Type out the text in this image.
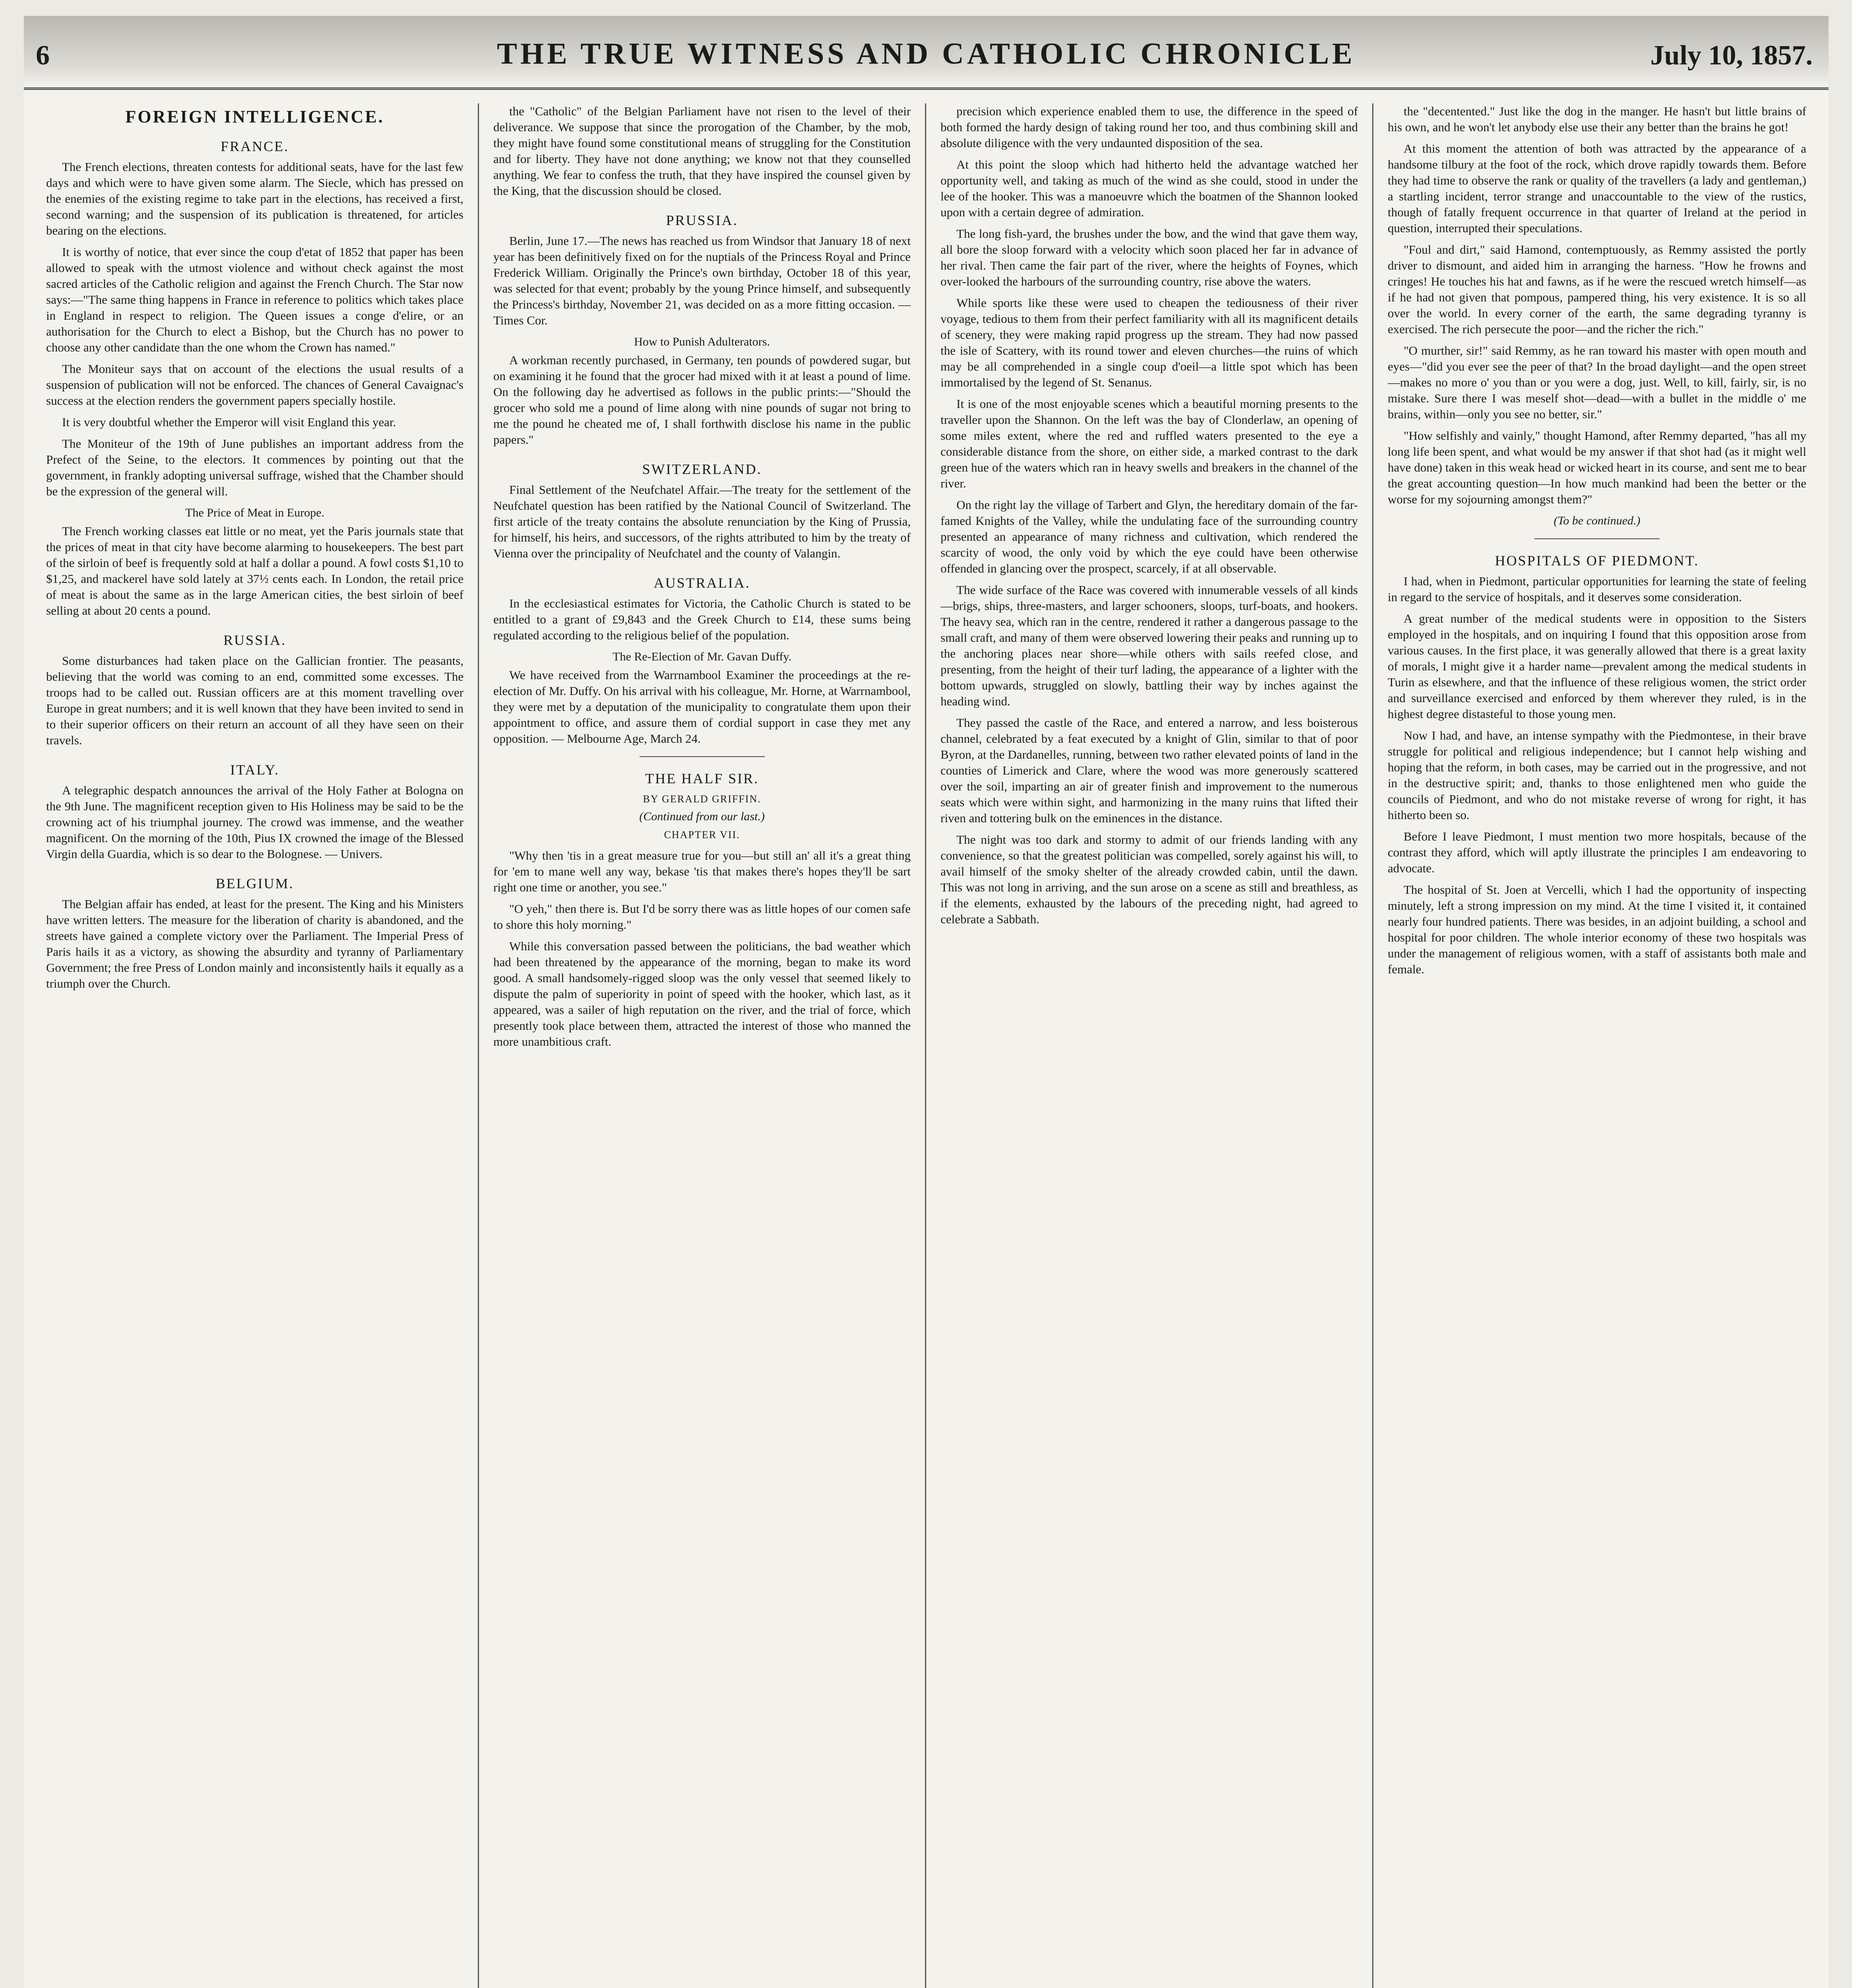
6	THE TRUE WITNESS AND CATHOLIC CHRONICLE	July 10, 1857.
FOREIGN INTELLIGENCE.
FRANCE.

The French elections, threaten contests for additional seats, have for the last few days and which were to have given some alarm. The Siecle, which has pressed on the enemies of the existing regime to take part in the elections, has received a first, second warning; and the suspension of its publication is threatened, for articles bearing on the elections.

It is worthy of notice, that ever since the coup d'etat of 1852 that paper has been allowed to speak with the utmost violence and without check against the most sacred articles of the Catholic religion and against the French Church. The Star now says:—"The same thing happens in France in reference to politics which takes place in England in respect to religion. The Queen issues a conge d'elire, or an authorisation for the Church to elect a Bishop, but the Church has no power to choose any other candidate than the one whom the Crown has named."

The Moniteur says that on account of the elections the usual results of a suspension of publication will not be enforced. The chances of General Cavaignac's success at the election renders the government papers specially hostile.

It is very doubtful whether the Emperor will visit England this year.

The Moniteur of the 19th of June publishes an important address from the Prefect of the Seine, to the electors. It commences by pointing out that the government, in frankly adopting universal suffrage, wished that the Chamber should be the expression of the general will.

The Price of Meat in Europe.

The French working classes eat little or no meat, yet the Paris journals state that the prices of meat in that city have become alarming to housekeepers. The best part of the sirloin of beef is frequently sold at half a dollar a pound. A fowl costs $1,10 to $1,25, and mackerel have sold lately at 37½ cents each. In London, the retail price of meat is about the same as in the large American cities, the best sirloin of beef selling at about 20 cents a pound.

RUSSIA.

Some disturbances had taken place on the Gallician frontier. The peasants, believing that the world was coming to an end, committed some excesses. The troops had to be called out. Russian officers are at this moment travelling over Europe in great numbers; and it is well known that they have been invited to send in to their superior officers on their return an account of all they have seen on their travels.

ITALY.

A telegraphic despatch announces the arrival of the Holy Father at Bologna on the 9th June. The magnificent reception given to His Holiness may be said to be the crowning act of his triumphal journey. The crowd was immense, and the weather magnificent. On the morning of the 10th, Pius IX crowned the image of the Blessed Virgin della Guardia, which is so dear to the Bolognese. — Univers.

BELGIUM.

The Belgian affair has ended, at least for the present. The King and his Ministers have written letters. The measure for the liberation of charity is abandoned, and the streets have gained a complete victory over the Parliament. The Imperial Press of Paris hails it as a victory, as showing the absurdity and tyranny of Parliamentary Government; the free Press of London mainly and inconsistently hails it equally as a triumph over the Church.

the "Catholic" of the Belgian Parliament have not risen to the level of their deliverance. We suppose that since the prorogation of the Chamber, by the mob, they might have found some constitutional means of struggling for the Constitution and for liberty. They have not done anything; we know not that they counselled anything. We fear to confess the truth, that they have inspired the counsel given by the King, that the discussion should be closed.

PRUSSIA.

Berlin, June 17.—The news has reached us from Windsor that January 18 of next year has been definitively fixed on for the nuptials of the Princess Royal and Prince Frederick William. Originally the Prince's own birthday, October 18 of this year, was selected for that event; probably by the young Prince himself, and subsequently the Princess's birthday, November 21, was decided on as a more fitting occasion. — Times Cor.

How to Punish Adulterators.

A workman recently purchased, in Germany, ten pounds of powdered sugar, but on examining it he found that the grocer had mixed with it at least a pound of lime. On the following day he advertised as follows in the public prints:—"Should the grocer who sold me a pound of lime along with nine pounds of sugar not bring to me the pound he cheated me of, I shall forthwith disclose his name in the public papers."

SWITZERLAND.

Final Settlement of the Neufchatel Affair.—The treaty for the settlement of the Neufchatel question has been ratified by the National Council of Switzerland. The first article of the treaty contains the absolute renunciation by the King of Prussia, for himself, his heirs, and successors, of the rights attributed to him by the treaty of Vienna over the principality of Neufchatel and the county of Valangin.

AUSTRALIA.

In the ecclesiastical estimates for Victoria, the Catholic Church is stated to be entitled to a grant of £9,843 and the Greek Church to £14, these sums being regulated according to the religious belief of the population.

The Re-Election of Mr. Gavan Duffy.

We have received from the Warrnambool Examiner the proceedings at the re-election of Mr. Duffy. On his arrival with his colleague, Mr. Horne, at Warrnambool, they were met by a deputation of the municipality to congratulate them upon their appointment to office, and assure them of cordial support in case they met any opposition. — Melbourne Age, March 24.

THE HALF SIR.
BY GERALD GRIFFIN.
(Continued from our last.)
CHAPTER VII.

"Why then 'tis in a great measure true for you—but still an' all it's a great thing for 'em to mane well any way, bekase 'tis that makes there's hopes they'll be sart right one time or another, you see."

"O yeh," then there is. But I'd be sorry there was as little hopes of our comen safe to shore this holy morning."

While this conversation passed between the politicians, the bad weather which had been threatened by the appearance of the morning, began to make its word good. A small handsomely-rigged sloop was the only vessel that seemed likely to dispute the palm of superiority in point of speed with the hooker, which last, as it appeared, was a sailer of high reputation on the river, and the trial of force, which presently took place between them, attracted the interest of those who manned the more unambitious craft.

precision which experience enabled them to use, the difference in the speed of both formed the hardy design of taking round her too, and thus combining skill and absolute diligence with the very undaunted disposition of the sea.

At this point the sloop which had hitherto held the advantage watched her opportunity well, and taking as much of the wind as she could, stood in under the lee of the hooker. This was a manoeuvre which the boatmen of the Shannon looked upon with a certain degree of admiration.

The long fish-yard, the brushes under the bow, and the wind that gave them way, all bore the sloop forward with a velocity which soon placed her far in advance of her rival. Then came the fair part of the river, where the heights of Foynes, which over-looked the harbours of the surrounding country, rise above the waters.

While sports like these were used to cheapen the tediousness of their river voyage, tedious to them from their perfect familiarity with all its magnificent details of scenery, they were making rapid progress up the stream. They had now passed the isle of Scattery, with its round tower and eleven churches—the ruins of which may be all comprehended in a single coup d'oeil—a little spot which has been immortalised by the legend of St. Senanus.

It is one of the most enjoyable scenes which a beautiful morning presents to the traveller upon the Shannon. On the left was the bay of Clonderlaw, an opening of some miles extent, where the red and ruffled waters presented to the eye a considerable distance from the shore, on either side, a marked contrast to the dark green hue of the waters which ran in heavy swells and breakers in the channel of the river.

On the right lay the village of Tarbert and Glyn, the hereditary domain of the far-famed Knights of the Valley, while the undulating face of the surrounding country presented an appearance of many richness and cultivation, which rendered the scarcity of wood, the only void by which the eye could have been otherwise offended in glancing over the prospect, scarcely, if at all observable.

The wide surface of the Race was covered with innumerable vessels of all kinds—brigs, ships, three-masters, and larger schooners, sloops, turf-boats, and hookers. The heavy sea, which ran in the centre, rendered it rather a dangerous passage to the small craft, and many of them were observed lowering their peaks and running up to the anchoring places near shore—while others with sails reefed close, and presenting, from the height of their turf lading, the appearance of a lighter with the bottom upwards, struggled on slowly, battling their way by inches against the heading wind.

They passed the castle of the Race, and entered a narrow, and less boisterous channel, celebrated by a feat executed by a knight of Glin, similar to that of poor Byron, at the Dardanelles, running, between two rather elevated points of land in the counties of Limerick and Clare, where the wood was more generously scattered over the soil, imparting an air of greater finish and improvement to the numerous seats which were within sight, and harmonizing in the many ruins that lifted their riven and tottering bulk on the eminences in the distance.

The night was too dark and stormy to admit of our friends landing with any convenience, so that the greatest politician was compelled, sorely against his will, to avail himself of the smoky shelter of the already crowded cabin, until the dawn. This was not long in arriving, and the sun arose on a scene as still and breathless, as if the elements, exhausted by the labours of the preceding night, had agreed to celebrate a Sabbath.

the "decentented." Just like the dog in the manger. He hasn't but little brains of his own, and he won't let anybody else use their any better than the brains he got!

At this moment the attention of both was attracted by the appearance of a handsome tilbury at the foot of the rock, which drove rapidly towards them. Before they had time to observe the rank or quality of the travellers (a lady and gentleman,) a startling incident, terror strange and unaccountable to the view of the rustics, though of fatally frequent occurrence in that quarter of Ireland at the period in question, interrupted their speculations.

"Foul and dirt," said Hamond, contemptuously, as Remmy assisted the portly driver to dismount, and aided him in arranging the harness. "How he frowns and cringes! He touches his hat and fawns, as if he were the rescued wretch himself—as if he had not given that pompous, pampered thing, his very existence. It is so all over the world. In every corner of the earth, the same degrading tyranny is exercised. The rich persecute the poor—and the richer the rich."

"O murther, sir!" said Remmy, as he ran toward his master with open mouth and eyes—"did you ever see the peer of that? In the broad daylight—and the open street—makes no more o' you than or you were a dog, just. Well, to kill, fairly, sir, is no mistake. Sure there I was meself shot—dead—with a bullet in the middle o' me brains, within—only you see no better, sir."

"How selfishly and vainly," thought Hamond, after Remmy departed, "has all my long life been spent, and what would be my answer if that shot had (as it might well have done) taken in this weak head or wicked heart in its course, and sent me to bear the great accounting question—In how much mankind had been the better or the worse for my sojourning amongst them?"

(To be continued.)
HOSPITALS OF PIEDMONT.

I had, when in Piedmont, particular opportunities for learning the state of feeling in regard to the service of hospitals, and it deserves some consideration.

A great number of the medical students were in opposition to the Sisters employed in the hospitals, and on inquiring I found that this opposition arose from various causes. In the first place, it was generally allowed that there is a great laxity of morals, I might give it a harder name—prevalent among the medical students in Turin as elsewhere, and that the influence of these religious women, the strict order and surveillance exercised and enforced by them wherever they ruled, is in the highest degree distasteful to those young men.

Now I had, and have, an intense sympathy with the Piedmontese, in their brave struggle for political and religious independence; but I cannot help wishing and hoping that the reform, in both cases, may be carried out in the progressive, and not in the destructive spirit; and, thanks to those enlightened men who guide the councils of Piedmont, and who do not mistake reverse of wrong for right, it has hitherto been so.

Before I leave Piedmont, I must mention two more hospitals, because of the contrast they afford, which will aptly illustrate the principles I am endeavoring to advocate.

The hospital of St. Joen at Vercelli, which I had the opportunity of inspecting minutely, left a strong impression on my mind. At the time I visited it, it contained nearly four hundred patients. There was besides, in an adjoint building, a school and hospital for poor children. The whole interior economy of these two hospitals was under the management of religious women, with a staff of assistants both male and female.
